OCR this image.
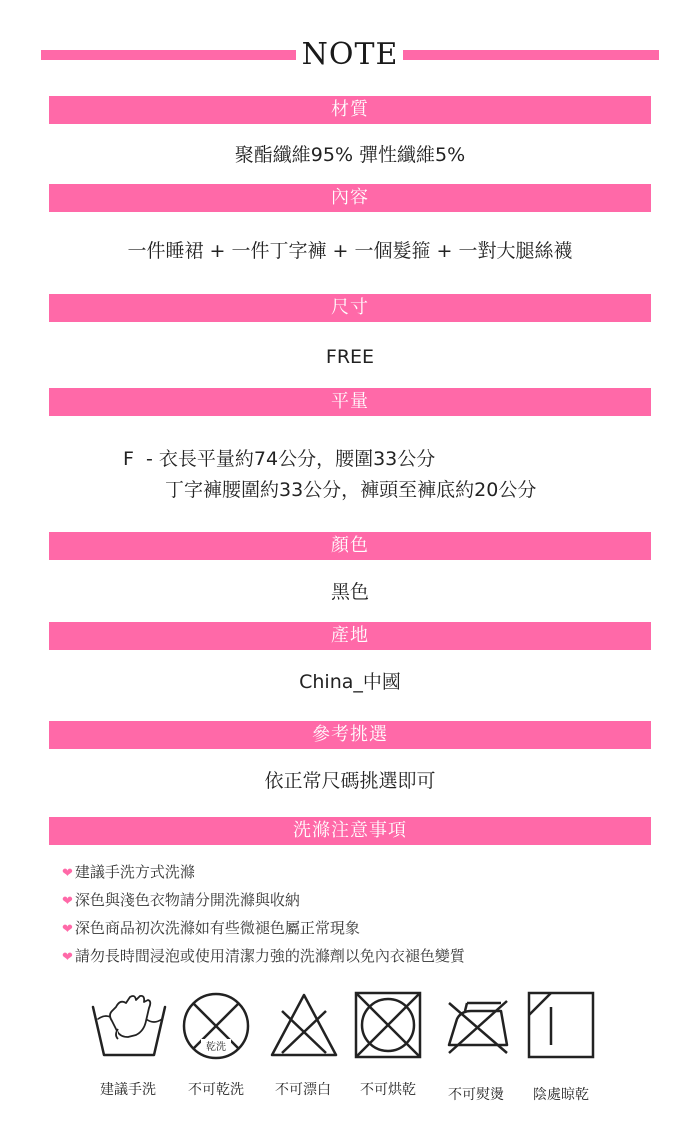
NOTE
材質
聚酯纖維95% 彈性纖維5%
內容
一件睡裙 + 一件丁字褲 + 一個髮箍 + 一對大腿絲襪
尺寸
FREE
平量
F  - 衣長平量約74公分，腰圍33公分
丁字褲腰圍約33公分，褲頭至褲底約20公分
顏色
黑色
產地
China_中國
參考挑選
依正常尺碼挑選即可
洗滌注意事項
❤ 建議手洗方式洗滌
❤ 深色與淺色衣物請分開洗滌與收納
❤ 深色商品初次洗滌如有些微褪色屬正常現象
❤ 請勿長時間浸泡或使用清潔力強的洗滌劑以免內衣褪色變質
乾洗
建議手洗	不可乾洗	不可漂白	不可烘乾	不可熨燙	陰處晾乾
